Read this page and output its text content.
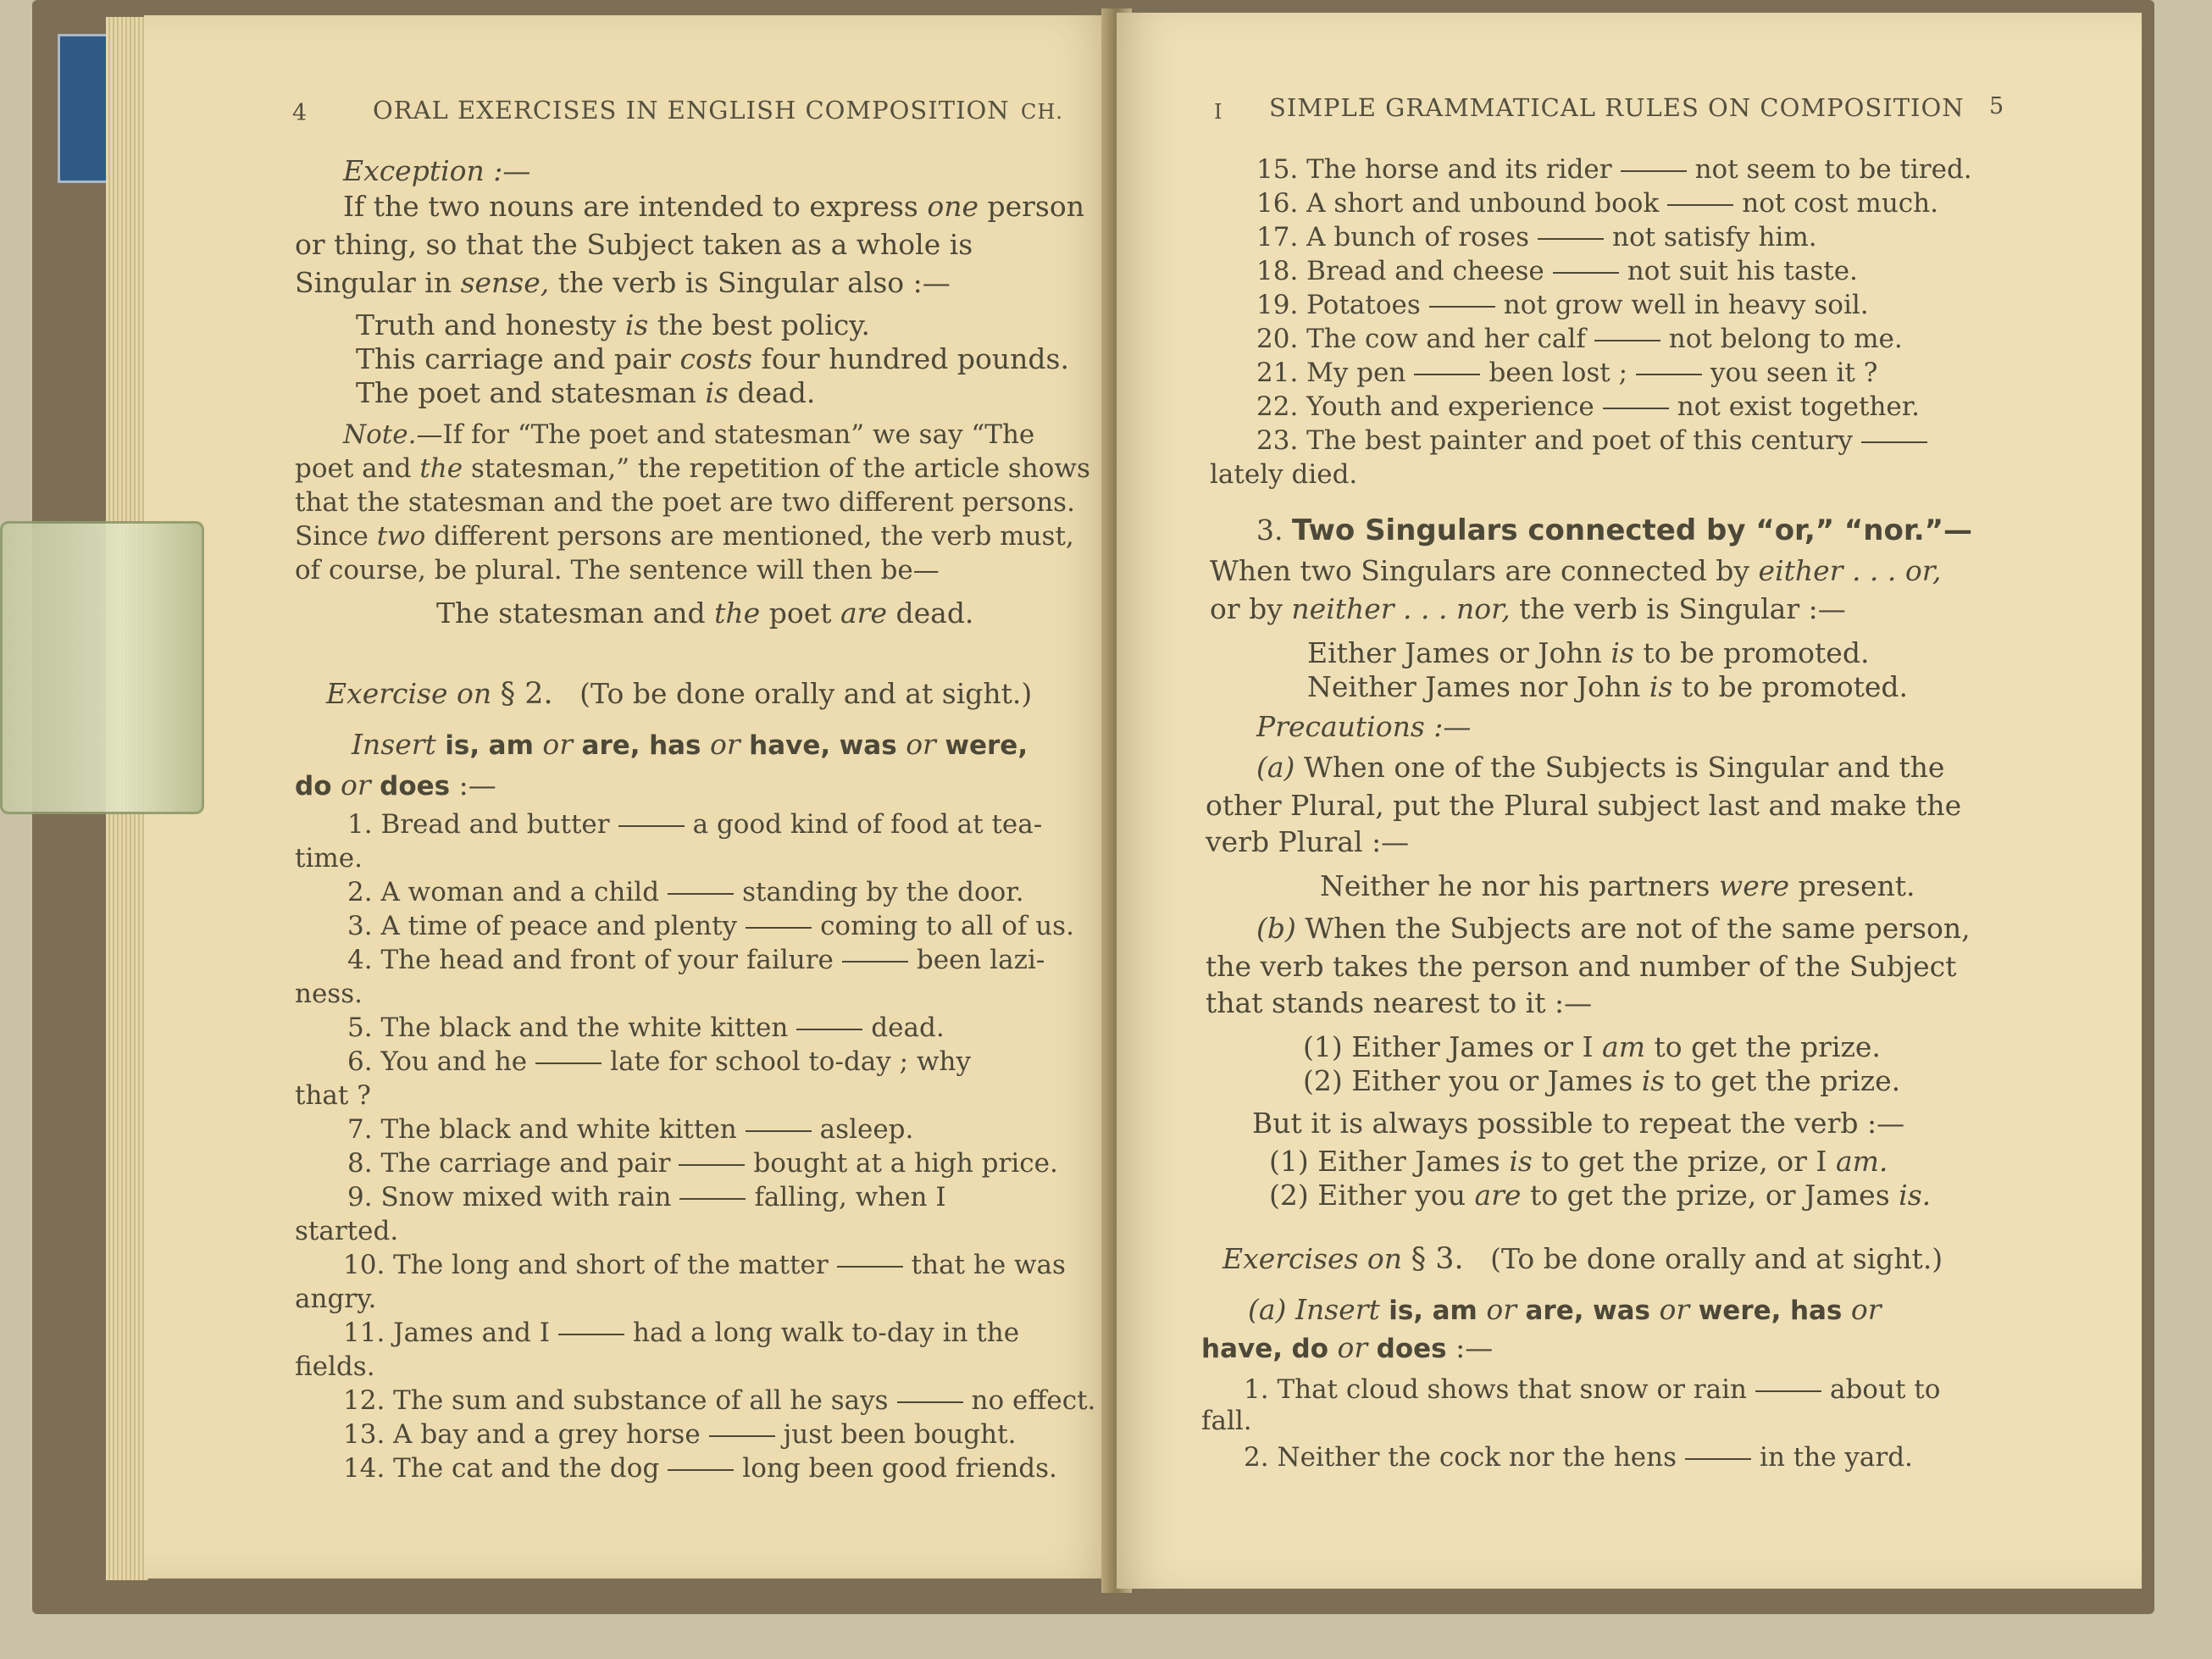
4	ORAL EXERCISES IN ENGLISH COMPOSITION CH.
Exception :—
If the two nouns are intended to express one person
or thing, so that the Subject taken as a whole is
Singular in sense, the verb is Singular also :—
Truth and honesty is the best policy.
This carriage and pair costs four hundred pounds.
The poet and statesman is dead.
Note.—If for “The poet and statesman” we say “The
poet and the statesman,” the repetition of the article shows
that the statesman and the poet are two different persons.
Since two different persons are mentioned, the verb must,
of course, be plural. The sentence will then be—
The statesman and the poet are dead.
Exercise on § 2. (To be done orally and at sight.)
Insert is, am or are, has or have, was or were,
do or does :—
1. Bread and butter	a good kind of food at tea-
time.
2. A woman and a child	standing by the door.
3. A time of peace and plenty	coming to all of us.
4. The head and front of your failure	been lazi-
ness.
5. The black and the white kitten	dead.
6. You and he	late for school to-day ; why
that ?
7. The black and white kitten	asleep.
8. The carriage and pair	bought at a high price.
9. Snow mixed with rain	falling, when I
started.
10. The long and short of the matter	that he was
angry.
11. James and I	had a long walk to-day in the
fields.
12. The sum and substance of all he says	no effect.
13. A bay and a grey horse	just been bought.
14. The cat and the dog	long been good friends.
I SIMPLE GRAMMATICAL RULES ON COMPOSITION 5
15. The horse and its rider	not seem to be tired.
16. A short and unbound book	not cost much.
17. A bunch of roses	not satisfy him.
18. Bread and cheese	not suit his taste.
19. Potatoes	not grow well in heavy soil.
20. The cow and her calf	not belong to me.
21. My pen	been lost ;	you seen it ?
22. Youth and experience	not exist together.
23. The best painter and poet of this century
lately died.
3. Two Singulars connected by “or,” “nor.”—
When two Singulars are connected by either . . . or,
or by neither . . . nor, the verb is Singular :—
Either James or John is to be promoted.
Neither James nor John is to be promoted.
Precautions :—
(a) When one of the Subjects is Singular and the
other Plural, put the Plural subject last and make the
verb Plural :—
Neither he nor his partners were present.
(b) When the Subjects are not of the same person,
the verb takes the person and number of the Subject
that stands nearest to it :—
(1) Either James or I am to get the prize.
(2) Either you or James is to get the prize.
But it is always possible to repeat the verb :—
(1) Either James is to get the prize, or I am.
(2) Either you are to get the prize, or James is.
Exercises on § 3. (To be done orally and at sight.)
(a) Insert is, am or are, was or were, has or
have, do or does :—
1. That cloud shows that snow or rain	about to
fall.
2. Neither the cock nor the hens	in the yard.
